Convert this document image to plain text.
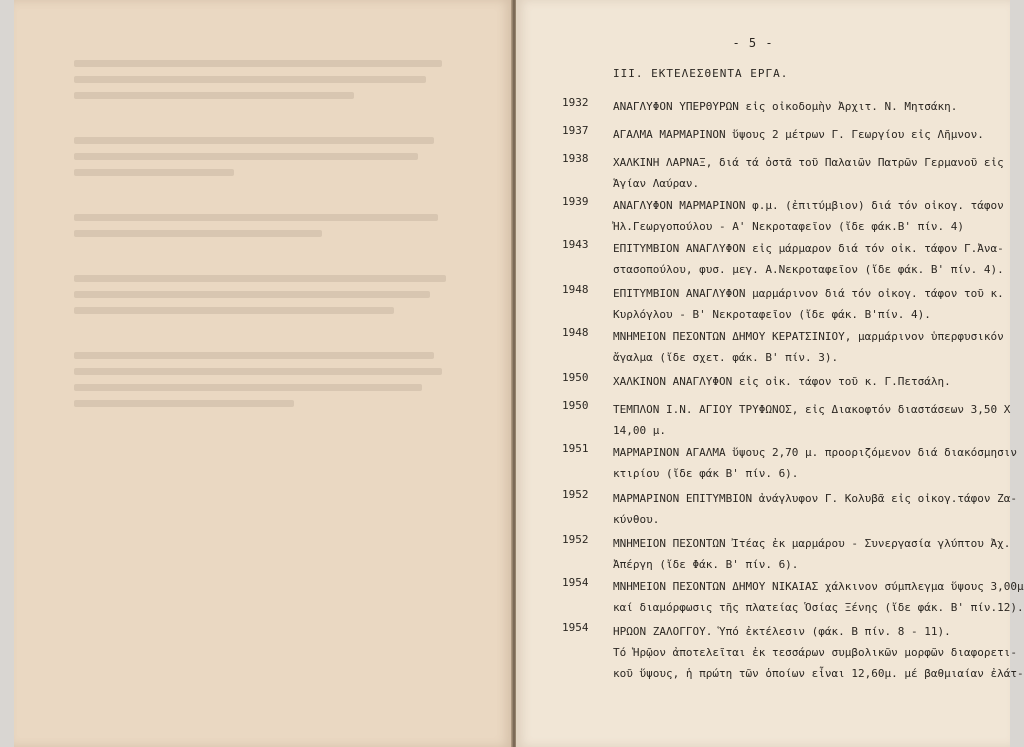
- 5 -
III. ΕΚΤΕΛΕΣΘΕΝΤΑ ΕΡΓΑ.
1932 ΑΝΑΓΛΥΦΟΝ ΥΠΕΡΘΥΡΩΝ εἰς οἰκοδομὴν Ἀρχιτ. Ν. Μητσάκη.
1937 ΑΓΑΛΜΑ ΜΑΡΜΑΡΙΝΟΝ ὕψους 2 μέτρων Γ. Γεωργίου εἰς Λῆμνον.
1938 ΧΑΛΚΙΝΗ ΛΑΡΝΑΞ, διά τά ὀστᾶ τοῦ Παλαιῶν Πατρῶν Γερμανοῦ εἰς
Ἁγίαν Λαύραν.
1939 ΑΝΑΓΛΥΦΟΝ ΜΑΡΜΑΡΙΝΟΝ φ.μ. (ἐπιτύμβιον) διά τόν οἰκογ. τάφον
Ἠλ.Γεωργοπούλου - Α' Νεκροταφεῖον (ἴδε φάκ.Β' πίν. 4)
1943 ΕΠΙΤΥΜΒΙΟΝ ΑΝΑΓΛΥΦΟΝ εἰς μάρμαρον διά τόν οἰκ. τάφον Γ.Ἀνα-
στασοπούλου, φυσ. μεγ. Α.Νεκροταφεῖον (ἴδε φάκ. Β' πίν. 4).
1948 ΕΠΙΤΥΜΒΙΟΝ ΑΝΑΓΛΥΦΟΝ μαρμάρινον διά τόν οἰκογ. τάφον τοῦ κ.
Κυρλόγλου - Β' Νεκροταφεῖον (ἴδε φάκ. Β'πίν. 4).
1948 ΜΝΗΜΕΙΟΝ ΠΕΣΟΝΤΩΝ ΔΗΜΟΥ ΚΕΡΑΤΣΙΝΙΟΥ, μαρμάρινον ὑπερφυσικόν
ἄγαλμα (ἴδε σχετ. φάκ. Β' πίν. 3).
1950 ΧΑΛΚΙΝΟΝ ΑΝΑΓΛΥΦΟΝ εἰς οἰκ. τάφον τοῦ κ. Γ.Πετσάλη.
1950 ΤΕΜΠΛΟΝ Ι.Ν. ΑΓΙΟΥ ΤΡΥΦΩΝΟΣ, εἰς Διακοφτόν διαστάσεων 3,50 Χ
14,00 μ.
1951 ΜΑΡΜΑΡΙΝΟΝ ΑΓΑΛΜΑ ὕψους 2,70 μ. προοριζόμενον διά διακόσμησιν
κτιρίου (ἴδε φάκ Β' πίν. 6).
1952 ΜΑΡΜΑΡΙΝΟΝ ΕΠΙΤΥΜΒΙΟΝ ἀνάγλυφον Γ. Κολυβᾶ εἰς οἰκογ.τάφον Ζα-
κύνθου.
1952 ΜΝΗΜΕΙΟΝ ΠΕΣΟΝΤΩΝ Ἰτέας ἐκ μαρμάρου - Συνεργασία γλύπτου Ἀχ.
Ἀπέργη (ἴδε Φάκ. Β' πίν. 6).
1954 ΜΝΗΜΕΙΟΝ ΠΕΣΟΝΤΩΝ ΔΗΜΟΥ ΝΙΚΑΙΑΣ χάλκινον σύμπλεγμα ὕψους 3,00μ
καί διαμόρφωσις τῆς πλατείας Ὁσίας Ξένης (ἴδε φάκ. Β' πίν.12).
1954 ΗΡΩΟΝ ΖΑΛΟΓΓΟΥ. Ὑπό ἐκτέλεσιν (φάκ. Β πίν. 8 - 11).
Τό Ἡρῷον ἀποτελεῖται ἐκ τεσσάρων συμβολικῶν μορφῶν διαφορετι-
κοῦ ὕψους, ἡ πρώτη τῶν ὁποίων εἶναι 12,60μ. μέ βαθμιαίαν ἐλάτ-
